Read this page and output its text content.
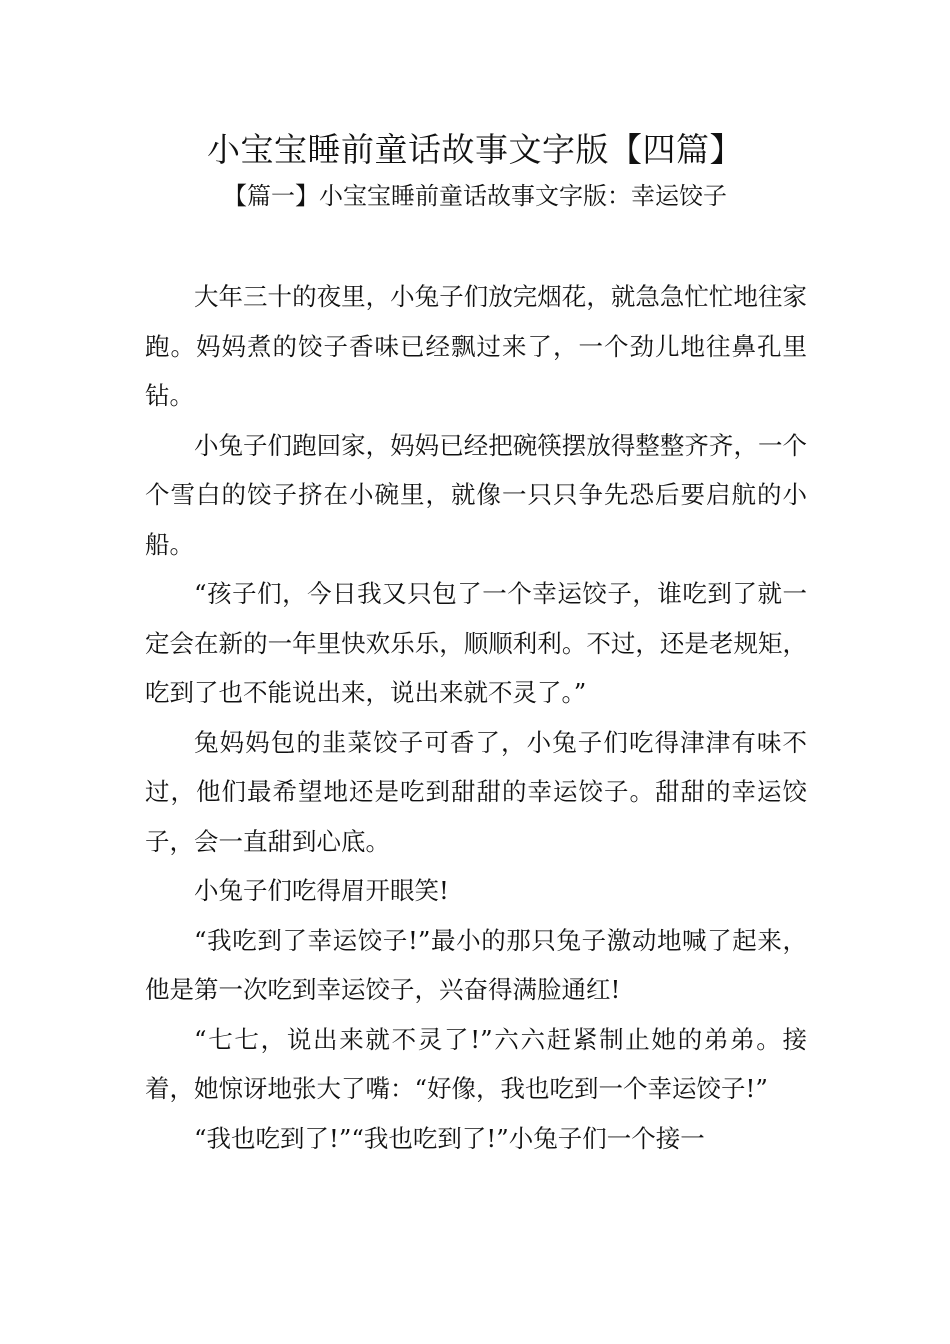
小宝宝睡前童话故事文字版【四篇】
【篇一】小宝宝睡前童话故事文字版：幸运饺子

大年三十的夜里，小兔子们放完烟花，就急急忙忙地往家跑。妈妈煮的饺子香味已经飘过来了，一个劲儿地往鼻孔里钻。

小兔子们跑回家，妈妈已经把碗筷摆放得整整齐齐，一个个雪白的饺子挤在小碗里，就像一只只争先恐后要启航的小船。

“孩子们，今日我又只包了一个幸运饺子，谁吃到了就一定会在新的一年里快欢乐乐，顺顺利利。不过，还是老规矩，吃到了也不能说出来，说出来就不灵了。”

兔妈妈包的韭菜饺子可香了，小兔子们吃得津津有味不过，他们最希望地还是吃到甜甜的幸运饺子。甜甜的幸运饺子，会一直甜到心底。

小兔子们吃得眉开眼笑!

“我吃到了幸运饺子!”最小的那只兔子激动地喊了起来，他是第一次吃到幸运饺子，兴奋得满脸通红!

“七七，说出来就不灵了!”六六赶紧制止她的弟弟。接着，她惊讶地张大了嘴：“好像，我也吃到一个幸运饺子!”

“我也吃到了!”“我也吃到了!”小兔子们一个接一
